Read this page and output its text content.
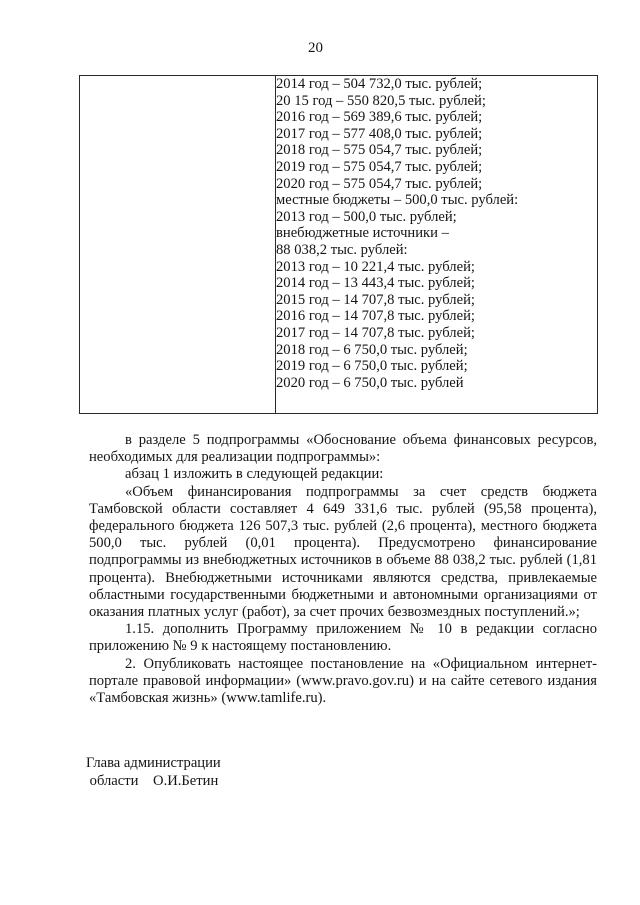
20

2014 год – 504 732,0 тыс. рублей;
20 15 год – 550 820,5 тыс. рублей;
2016 год – 569 389,6 тыс. рублей;
2017 год – 577 408,0 тыс. рублей;
2018 год – 575 054,7 тыс. рублей;
2019 год – 575 054,7 тыс. рублей;
2020 год – 575 054,7 тыс. рублей;
местные бюджеты – 500,0 тыс. рублей:
2013 год – 500,0 тыс. рублей;
внебюджетные источники –
88 038,2 тыс. рублей:
2013 год – 10 221,4 тыс. рублей;
2014 год – 13 443,4 тыс. рублей;
2015 год – 14 707,8 тыс. рублей;
2016 год – 14 707,8 тыс. рублей;
2017 год – 14 707,8 тыс. рублей;
2018 год – 6 750,0 тыс. рублей;
2019 год – 6 750,0 тыс. рублей;
2020 год – 6 750,0 тыс. рублей

в разделе 5 подпрограммы «Обоснование объема финансовых ресурсов, необходимых для реализации подпрограммы»:

абзац 1 изложить в следующей редакции:

«Объем финансирования подпрограммы за счет средств бюджета Тамбовской области составляет 4 649 331,6 тыс. рублей (95,58 процента), федерального бюджета 126 507,3 тыс. рублей (2,6 процента), местного бюджета 500,0 тыс. рублей (0,01 процента). Предусмотрено финансирование подпрограммы из внебюджетных источников в объеме 88 038,2 тыс. рублей (1,81 процента). Внебюджетными источниками являются средства, привлекаемые областными государственными бюджетными и автономными организациями от оказания платных услуг (работ), за счет прочих безвозмездных поступлений.»;

1.15. дополнить Программу приложением № 10 в редакции согласно приложению № 9 к настоящему постановлению.

2. Опубликовать настоящее постановление на «Официальном интернет-портале правовой информации» (www.pravo.gov.ru) и на сайте сетевого издания «Тамбовская жизнь» (www.tamlife.ru).

Глава администрации
области    О.И.Бетин
